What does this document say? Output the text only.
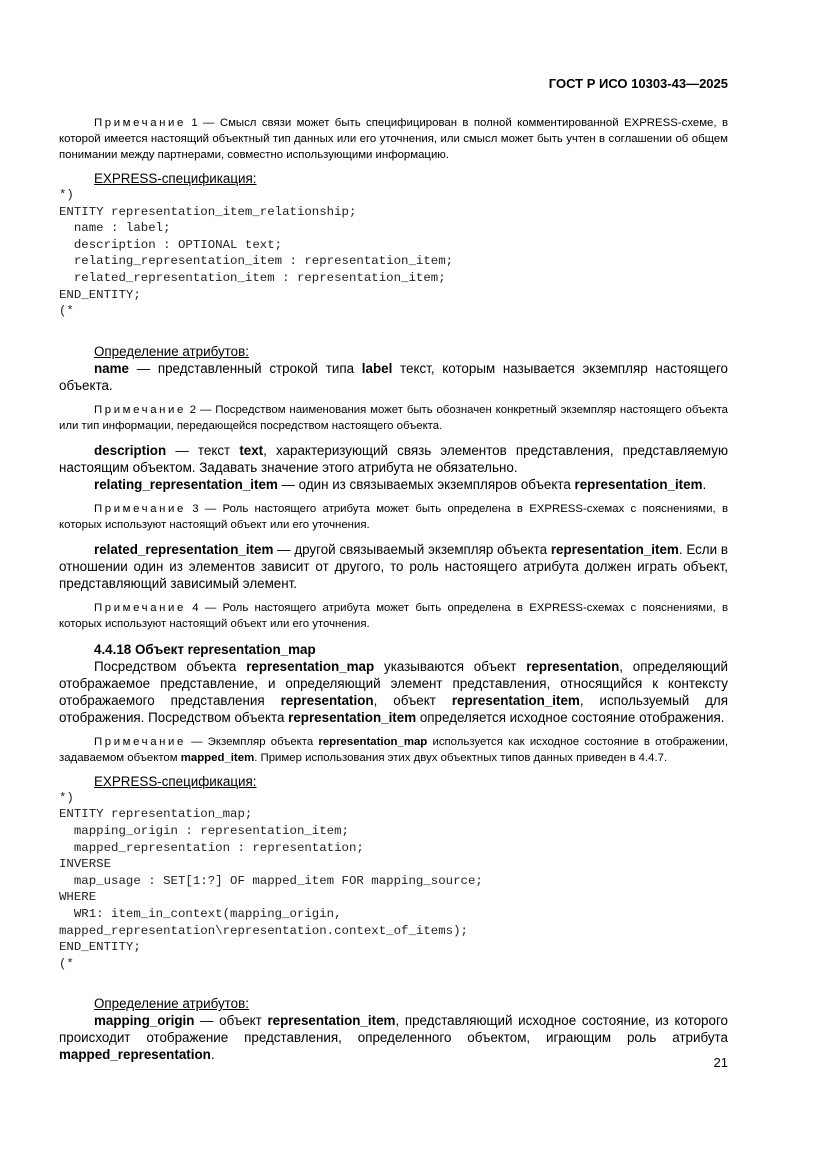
ГОСТ Р ИСО 10303-43—2025

Примечание 1 — Смысл связи может быть специфицирован в полной комментированной EXPRESS-схеме, в которой имеется настоящий объектный тип данных или его уточнения, или смысл может быть учтен в соглашении об общем понимании между партнерами, совместно использующими информацию.

EXPRESS-спецификация:

*)
ENTITY representation_item_relationship;
name : label;
description : OPTIONAL text;
relating_representation_item : representation_item;
related_representation_item : representation_item;
END_ENTITY;
(*

Определение атрибутов:

name — представленный строкой типа label текст, которым называется экземпляр настоящего объекта.

Примечание 2 — Посредством наименования может быть обозначен конкретный экземпляр настоящего объекта или тип информации, передающейся посредством настоящего объекта.

description — текст text, характеризующий связь элементов представления, представляемую настоящим объектом. Задавать значение этого атрибута не обязательно.

relating_representation_item — один из связываемых экземпляров объекта representation_item.

Примечание 3 — Роль настоящего атрибута может быть определена в EXPRESS-схемах с пояснениями, в которых используют настоящий объект или его уточнения.

related_representation_item — другой связываемый экземпляр объекта representation_item. Если в отношении один из элементов зависит от другого, то роль настоящего атрибута должен играть объект, представляющий зависимый элемент.

Примечание 4 — Роль настоящего атрибута может быть определена в EXPRESS-схемах с пояснениями, в которых используют настоящий объект или его уточнения.

4.4.18 Объект representation_map

Посредством объекта representation_map указываются объект representation, определяющий отображаемое представление, и определяющий элемент представления, относящийся к контексту отображаемого представления representation, объект representation_item, используемый для отображения. Посредством объекта representation_item определяется исходное состояние отображения.

Примечание — Экземпляр объекта representation_map используется как исходное состояние в отображении, задаваемом объектом mapped_item. Пример использования этих двух объектных типов данных приведен в 4.4.7.

EXPRESS-спецификация:

*)
ENTITY representation_map;
mapping_origin : representation_item;
mapped_representation : representation;
INVERSE
map_usage : SET[1:?] OF mapped_item FOR mapping_source;
WHERE
WR1: item_in_context(mapping_origin,
mapped_representation\representation.context_of_items);
END_ENTITY;
(*

Определение атрибутов:

mapping_origin — объект representation_item, представляющий исходное состояние, из которого происходит отображение представления, определенного объектом, играющим роль атрибута mapped_representation.

21
